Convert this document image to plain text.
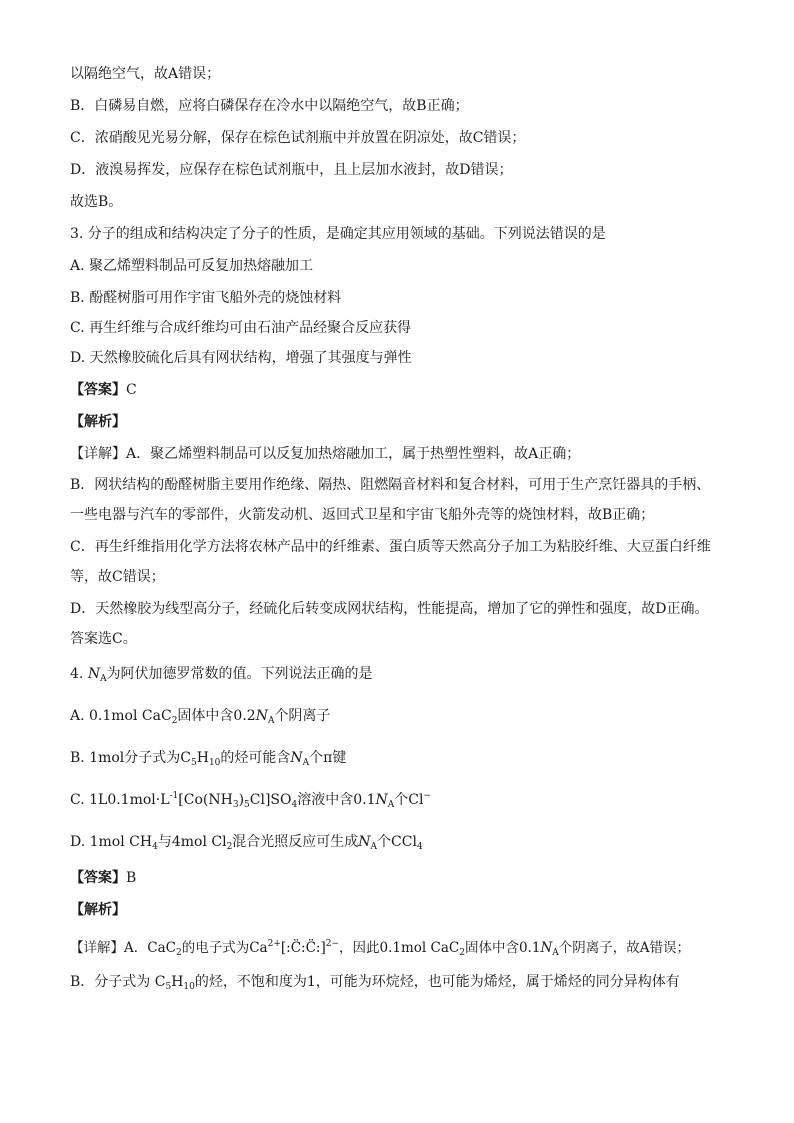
以隔绝空气，故A错误；
B．白磷易自燃，应将白磷保存在冷水中以隔绝空气，故B正确；
C．浓硝酸见光易分解，保存在棕色试剂瓶中并放置在阴凉处，故C错误；
D．液溴易挥发，应保存在棕色试剂瓶中，且上层加水液封，故D错误；
故选B。
3. 分子的组成和结构决定了分子的性质，是确定其应用领域的基础。下列说法错误的是
A. 聚乙烯塑料制品可反复加热熔融加工
B. 酚醛树脂可用作宇宙飞船外壳的烧蚀材料
C. 再生纤维与合成纤维均可由石油产品经聚合反应获得
D. 天然橡胶硫化后具有网状结构，增强了其强度与弹性
【答案】C
【解析】
【详解】A．聚乙烯塑料制品可以反复加热熔融加工，属于热塑性塑料，故A正确；
B．网状结构的酚醛树脂主要用作绝缘、隔热、阻燃隔音材料和复合材料，可用于生产烹饪器具的手柄、
一些电器与汽车的零部件，火箭发动机、返回式卫星和宇宙飞船外壳等的烧蚀材料，故B正确；
C．再生纤维指用化学方法将农林产品中的纤维素、蛋白质等天然高分子加工为粘胶纤维、大豆蛋白纤维
等，故C错误；
D．天然橡胶为线型高分子，经硫化后转变成网状结构，性能提高，增加了它的弹性和强度，故D正确。
答案选C。
4. $N_A$为阿伏加德罗常数的值。下列说法正确的是
A. 0.1mol CaC$_2$固体中含$0.2N_A$个阴离子
B. 1mol分子式为$C_5H_{10}$的烃可能含$N_A$个π键
C. $1L0.1mol\cdot L^{-1}[Co(NH_3)_5Cl]SO_4$溶液中含$0.1N_A$个Cl−
D. 1mol $CH_4$与4mol $Cl_2$混合光照反应可生成$N_A$个CCl$_4$
【答案】B
【解析】
【详解】A．CaC$_2$的电子式为$Ca^{2+}[:C̈:C̈:]^{2-}$，因此0.1mol CaC$_2$固体中含$0.1N_A$个阴离子，故A错误；
B．分子式为 $C_5H_{10}$的烃，不饱和度为1，可能为环烷烃，也可能为烯烃，属于烯烃的同分异构体有
